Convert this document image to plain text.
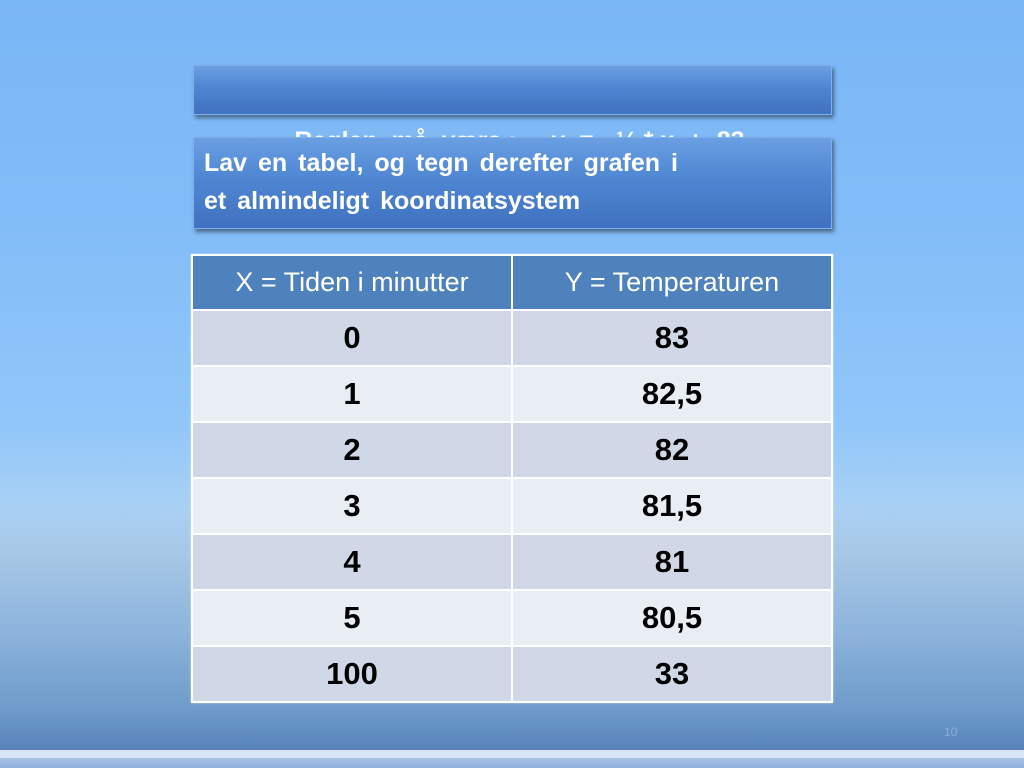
Lav en tabel, og tegn derefter grafen i
et almindeligt koordinatsystem
X = Tiden i minutter	Y = Temperaturen
0	83
1	82,5
2	82
3	81,5
4	81
5	80,5
100	33
10
